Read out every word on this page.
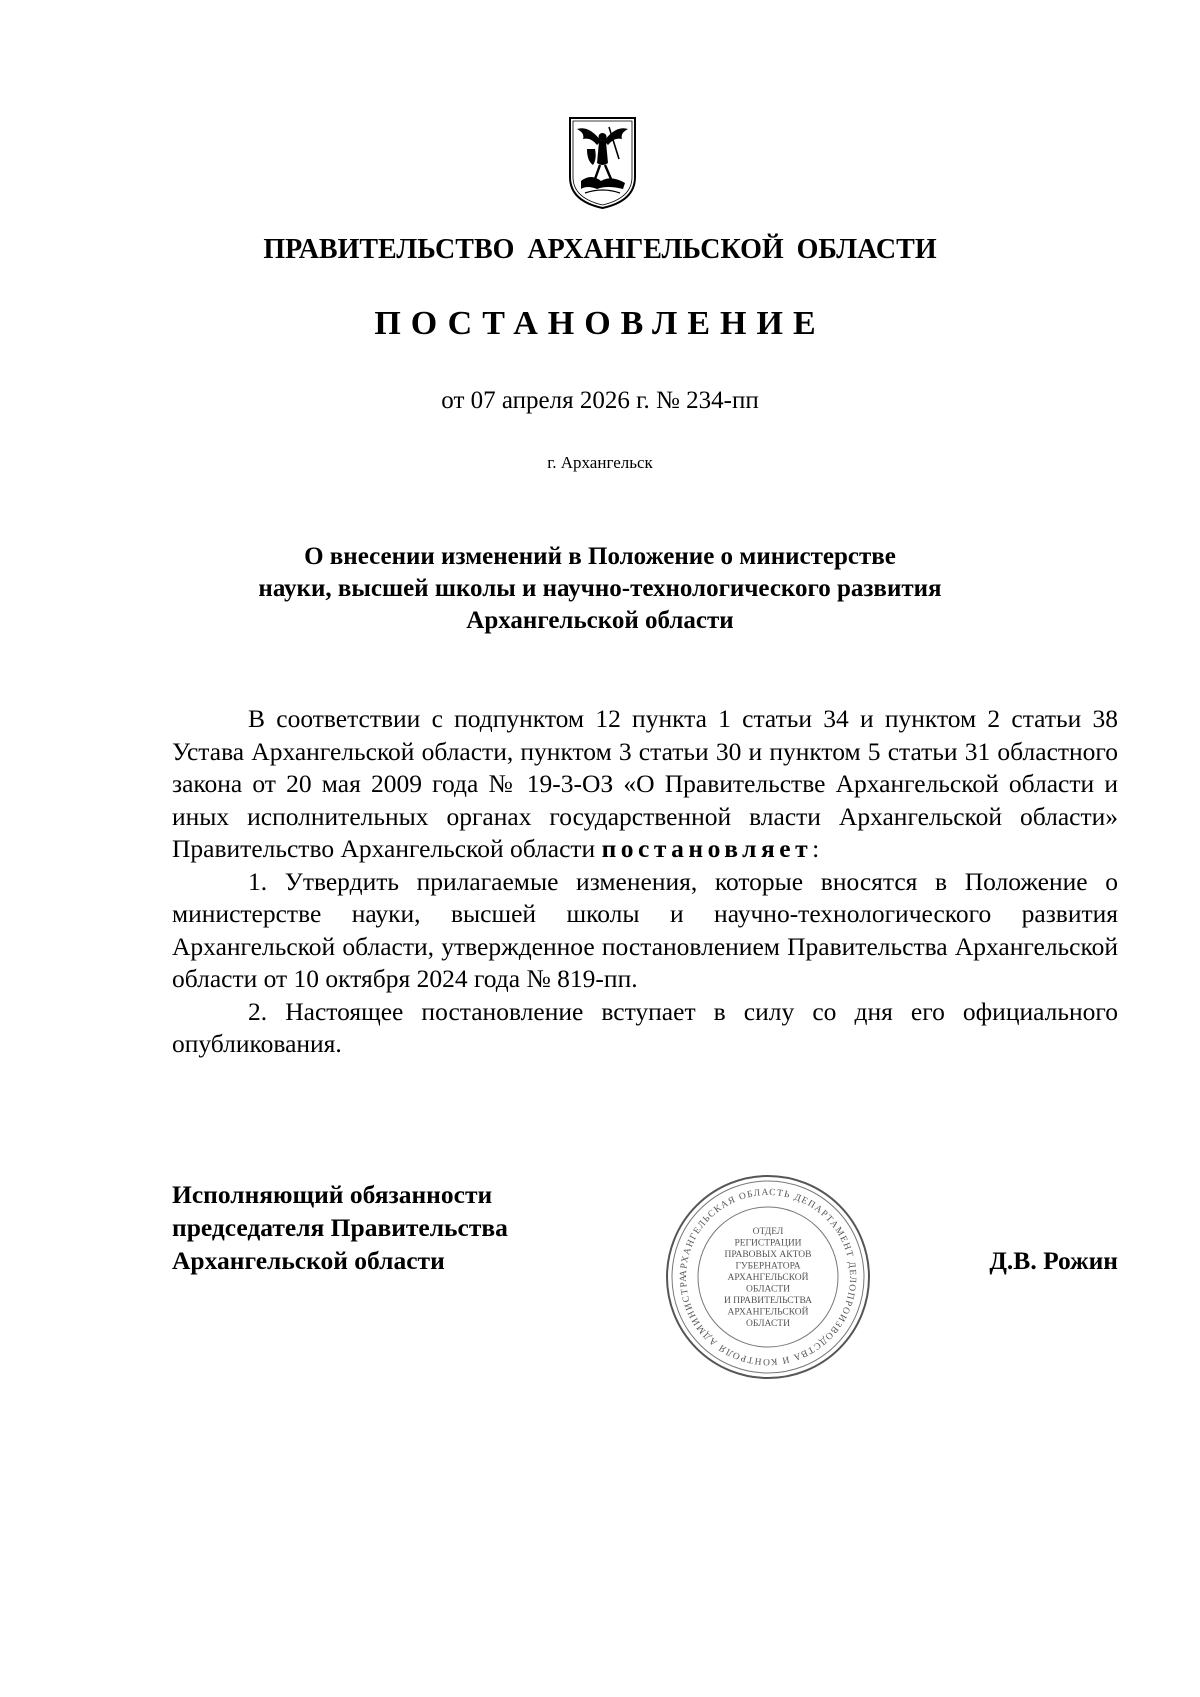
ПРАВИТЕЛЬСТВО АРХАНГЕЛЬСКОЙ ОБЛАСТИ
ПОСТАНОВЛЕНИЕ
от 07 апреля 2026 г. № 234-пп
г. Архангельск
О внесении изменений в Положение о министерстве
науки, высшей школы и научно-технологического развития
Архангельской области

В соответствии с подпунктом 12 пункта 1 статьи 34 и пунктом 2 статьи 38 Устава Архангельской области, пунктом 3 статьи 30 и пунктом 5 статьи 31 областного закона от 20 мая 2009 года № 19-3-ОЗ «О Правительстве Архангельской области и иных исполнительных органах государственной власти Архангельской области» Правительство Архангельской области постановляет:

1. Утвердить прилагаемые изменения, которые вносятся в Положение о министерстве науки, высшей школы и научно-технологического развития Архангельской области, утвержденное постановлением Правительства Архангельской области от 10 октября 2024 года № 819-пп.

2. Настоящее постановление вступает в силу со дня его официального опубликования.

Исполняющий обязанности
председателя Правительства
Архангельской области	АРХАНГЕЛЬСКАЯ ОБЛАСТЬ ДЕПАРТАМЕНТ ДЕЛОПРОИЗВОДСТВА И КОНТРОЛЯ АДМИНИСТРА
ОТДЕЛ
РЕГИСТРАЦИИ
ПРАВОВЫХ АКТОВ
ГУБЕРНАТОРА
АРХАНГЕЛЬСКОЙ
ОБЛАСТИ
И ПРАВИТЕЛЬСТВА
АРХАНГЕЛЬСКОЙ
ОБЛАСТИ
Д.В. Рожин
